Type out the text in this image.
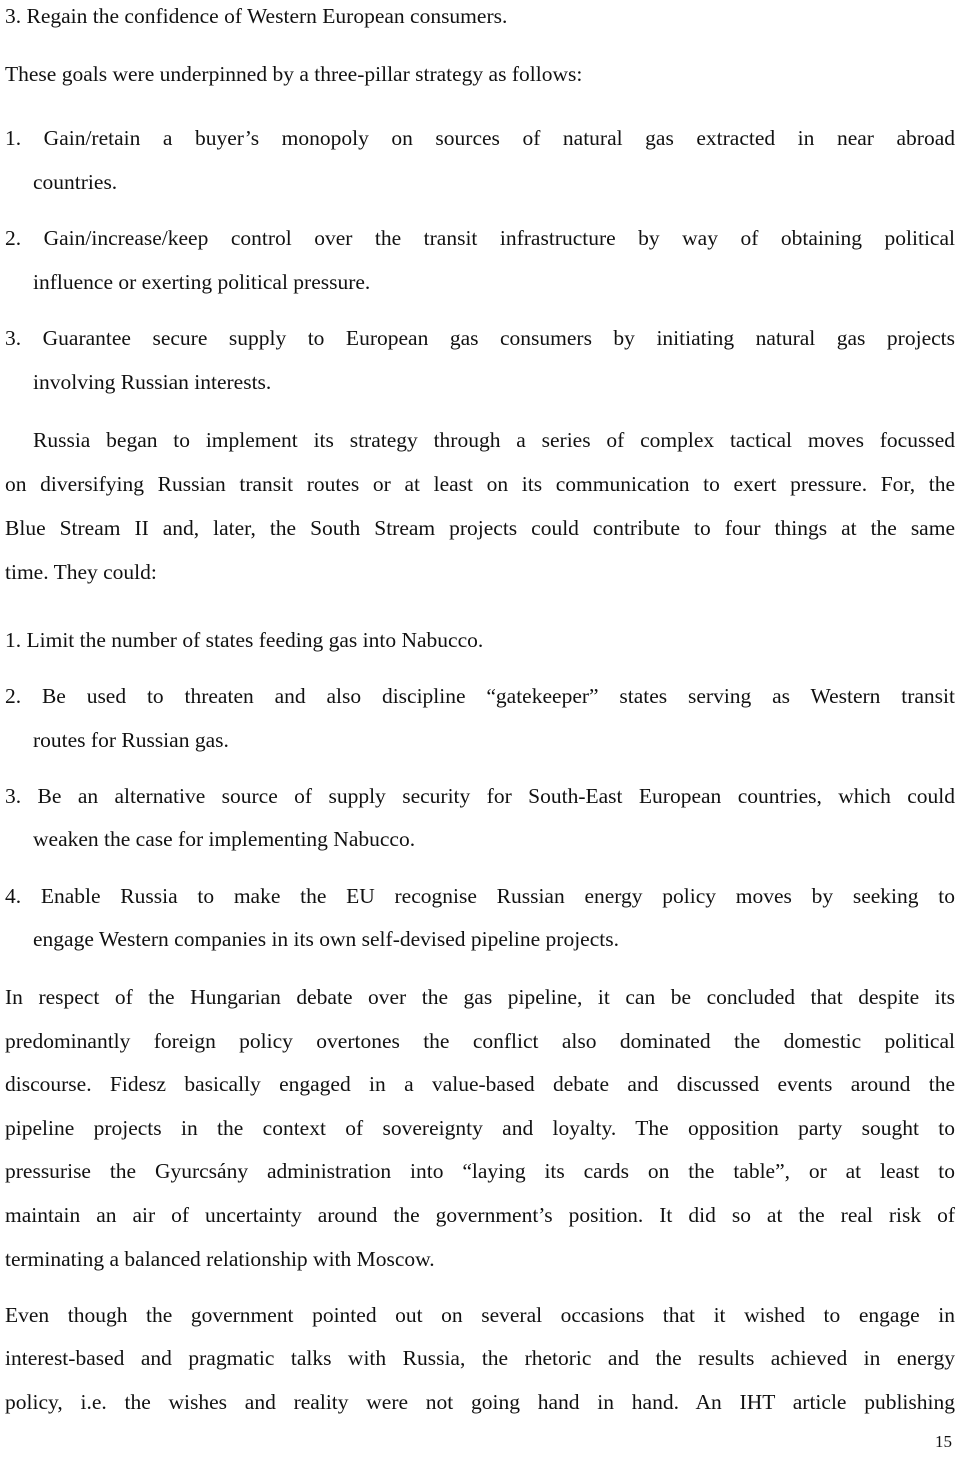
3. Regain the confidence of Western European consumers.
These goals were underpinned by a three-pillar strategy as follows:
1. Gain/retain a buyer’s monopoly on sources of natural gas extracted in near abroad
countries.
2. Gain/increase/keep control over the transit infrastructure by way of obtaining political
influence or exerting political pressure.
3. Guarantee secure supply to European gas consumers by initiating natural gas projects
involving Russian interests.
Russia began to implement its strategy through a series of complex tactical moves focussed
on diversifying Russian transit routes or at least on its communication to exert pressure. For, the
Blue Stream II and, later, the South Stream projects could contribute to four things at the same
time. They could:
1. Limit the number of states feeding gas into Nabucco.
2. Be used to threaten and also discipline “gatekeeper” states serving as Western transit
routes for Russian gas.
3. Be an alternative source of supply security for South-East European countries, which could
weaken the case for implementing Nabucco.
4. Enable Russia to make the EU recognise Russian energy policy moves by seeking to
engage Western companies in its own self-devised pipeline projects.
In respect of the Hungarian debate over the gas pipeline, it can be concluded that despite its
predominantly foreign policy overtones the conflict also dominated the domestic political
discourse. Fidesz basically engaged in a value-based debate and discussed events around the
pipeline projects in the context of sovereignty and loyalty. The opposition party sought to
pressurise the Gyurcsány administration into “laying its cards on the table”, or at least to
maintain an air of uncertainty around the government’s position. It did so at the real risk of
terminating a balanced relationship with Moscow.
Even though the government pointed out on several occasions that it wished to engage in
interest-based and pragmatic talks with Russia, the rhetoric and the results achieved in energy
policy, i.e. the wishes and reality were not going hand in hand. An IHT article publishing
15
